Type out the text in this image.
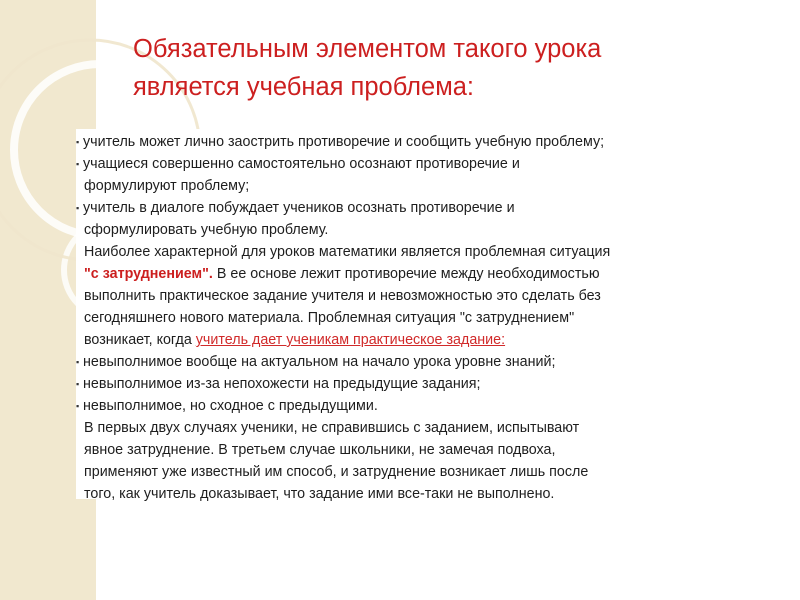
Обязательным элементом такого урока
является учебная проблема:
▪ учитель может лично заострить противоречие и сообщить учебную проблему;
▪ учащиеся совершенно самостоятельно осознают противоречие и
формулируют проблему;
▪ учитель в диалоге побуждает учеников осознать противоречие и
сформулировать учебную проблему.
Наиболее характерной для уроков математики является проблемная ситуация
"с затруднением". В ее основе лежит противоречие между необходимостью
выполнить практическое задание учителя и невозможностью это сделать без
сегодняшнего нового материала. Проблемная ситуация "с затруднением"
возникает, когда учитель дает ученикам практическое задание:
▪ невыполнимое вообще на актуальном на начало урока уровне знаний;
▪ невыполнимое из-за непохожести на предыдущие задания;
▪ невыполнимое, но сходное с предыдущими.
В первых двух случаях ученики, не справившись с заданием, испытывают
явное затруднение. В третьем случае школьники, не замечая подвоха,
применяют уже известный им способ, и затруднение возникает лишь после
того, как учитель доказывает, что задание ими все-таки не выполнено.
